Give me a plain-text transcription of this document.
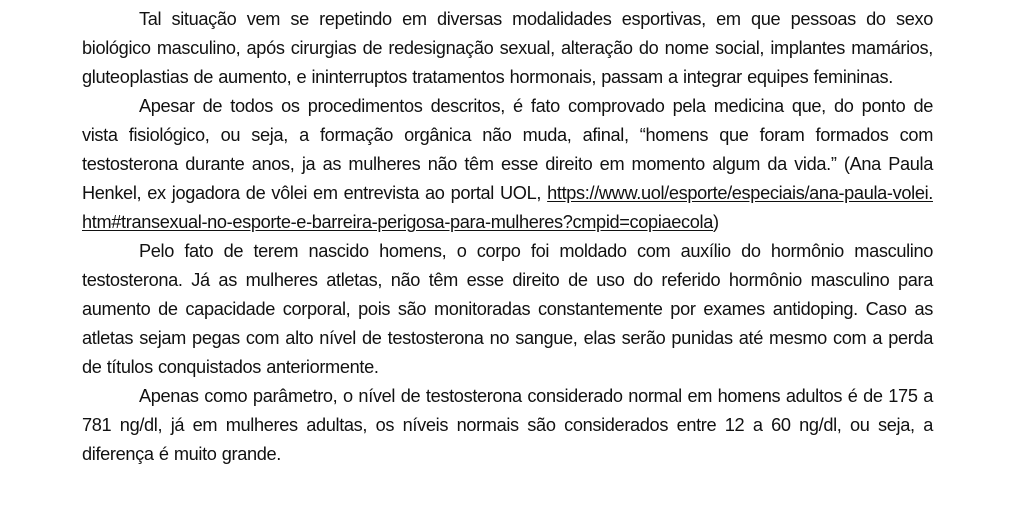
Tal situação vem se repetindo em diversas modalidades esportivas, em que pessoas do sexo biológico masculino, após cirurgias de redesignação sexual, alteração do nome social, implantes mamários, gluteoplastias de aumento, e ininterruptos tratamentos hormonais, passam a integrar equipes femininas.

Apesar de todos os procedimentos descritos, é fato comprovado pela medicina que, do ponto de vista fisiológico, ou seja, a formação orgânica não muda, afinal, “homens que foram formados com testosterona durante anos, ja as mulheres não têm esse direito em momento algum da vida.” (Ana Paula Henkel, ex jogadora de vôlei em entrevista ao portal UOL, https://www.uol/esporte/especiais/ana-paula-volei.htm#transexual-no-esporte-e-barreira-perigosa-para-mulheres?cmpid=copiaecola)

Pelo fato de terem nascido homens, o corpo foi moldado com auxílio do hormônio masculino testosterona. Já as mulheres atletas, não têm esse direito de uso do referido hormônio masculino para aumento de capacidade corporal, pois são monitoradas constantemente por exames antidoping. Caso as atletas sejam pegas com alto nível de testosterona no sangue, elas serão punidas até mesmo com a perda de títulos conquistados anteriormente.

Apenas como parâmetro, o nível de testosterona considerado normal em homens adultos é de 175 a 781 ng/dl, já em mulheres adultas, os níveis normais são considerados entre 12 a 60 ng/dl, ou seja, a diferença é muito grande.
